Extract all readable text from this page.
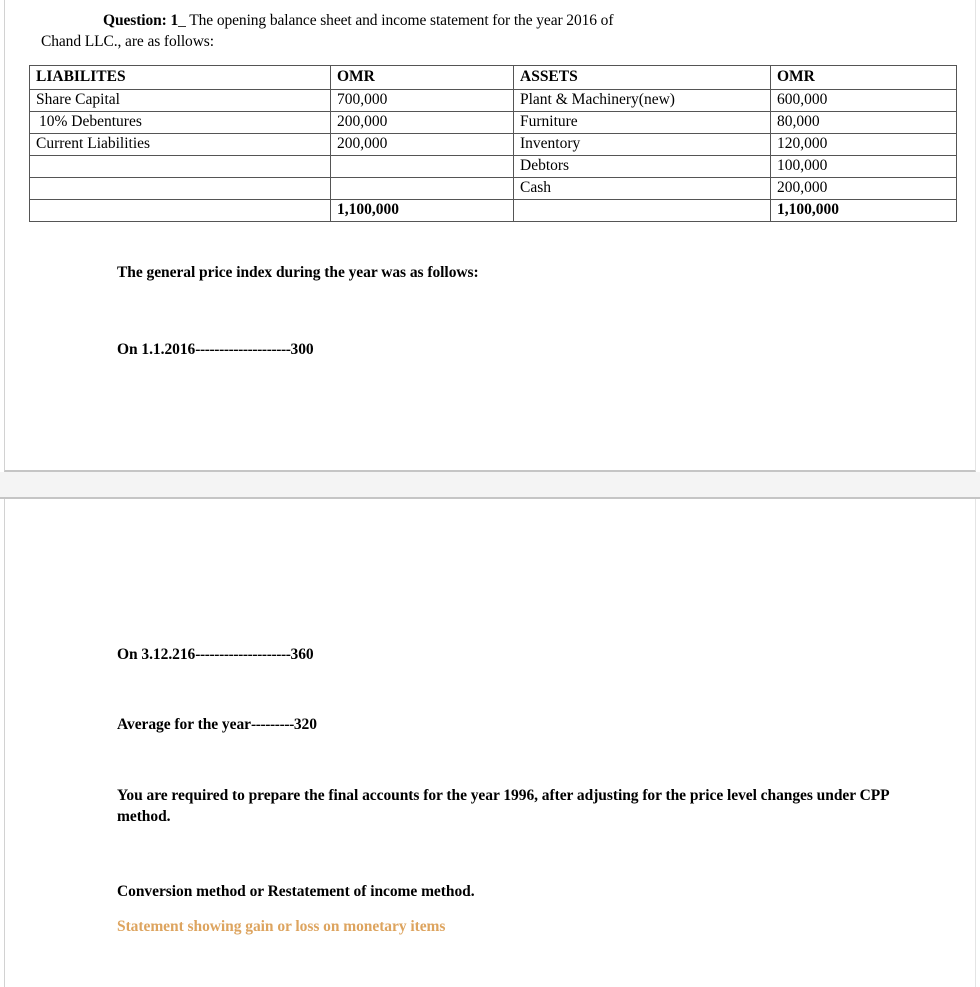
Question: 1_ The opening balance sheet and income statement for the year 2016 of
Chand LLC., are as follows:
LIABILITES	OMR	ASSETS	OMR
Share Capital	700,000	Plant & Machinery(new)	600,000
10% Debentures	200,000	Furniture	80,000
Current Liabilities	200,000	Inventory	120,000
		Debtors	100,000
		Cash	200,000
	1,100,000		1,100,000
The general price index during the year was as follows:
On 1.1.2016--------------------300
On 3.12.216--------------------360
Average for the year---------320
You are required to prepare the final accounts for the year 1996, after adjusting for the price level changes under CPP method.
Conversion method or Restatement of income method.
Statement showing gain or loss on monetary items
